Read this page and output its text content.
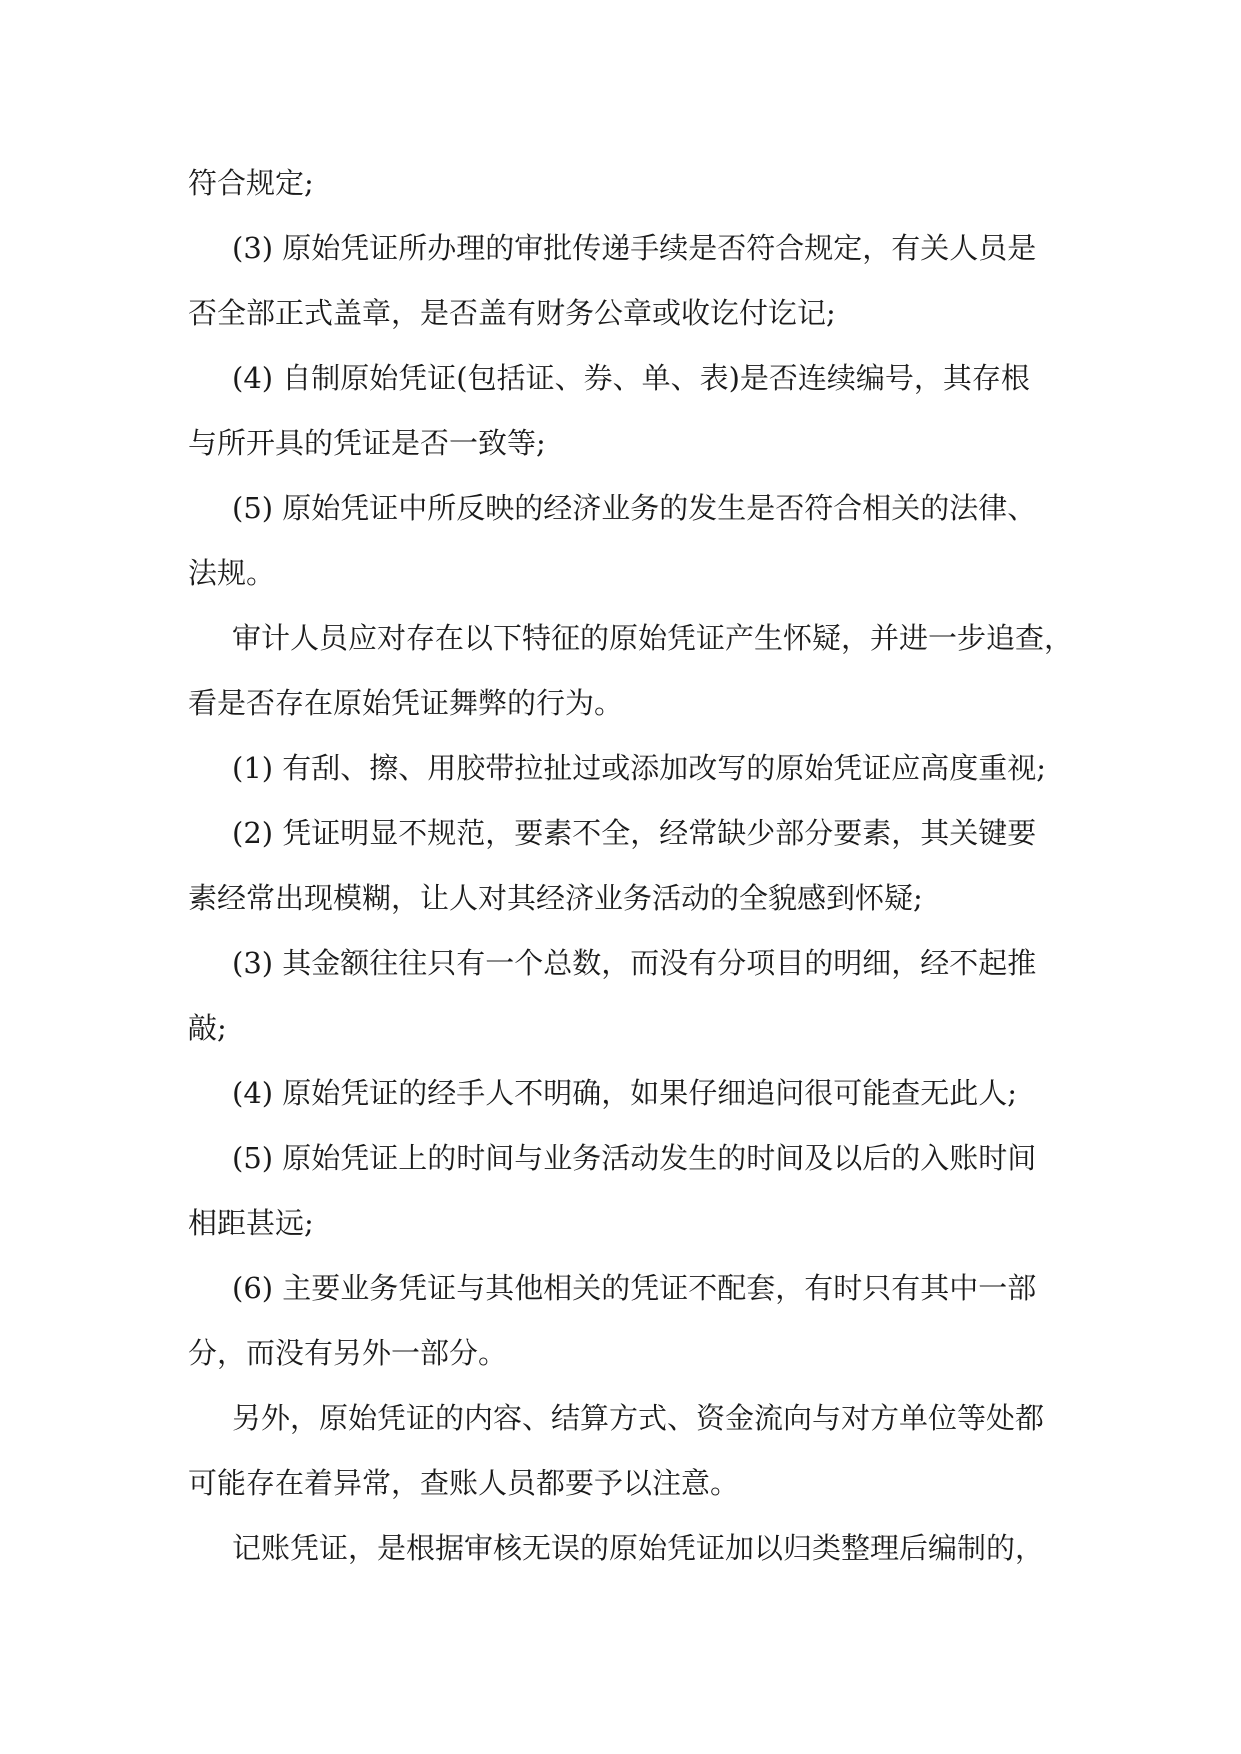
符合规定;
(3) 原始凭证所办理的审批传递手续是否符合规定，有关人员是
否全部正式盖章，是否盖有财务公章或收讫付讫记;
(4) 自制原始凭证(包括证、券、单、表)是否连续编号，其存根
与所开具的凭证是否一致等;
(5) 原始凭证中所反映的经济业务的发生是否符合相关的法律、
法规。
审计人员应对存在以下特征的原始凭证产生怀疑，并进一步追查，
看是否存在原始凭证舞弊的行为。
(1) 有刮、擦、用胶带拉扯过或添加改写的原始凭证应高度重视;
(2) 凭证明显不规范，要素不全，经常缺少部分要素，其关键要
素经常出现模糊，让人对其经济业务活动的全貌感到怀疑;
(3) 其金额往往只有一个总数，而没有分项目的明细，经不起推
敲;
(4) 原始凭证的经手人不明确，如果仔细追问很可能查无此人;
(5) 原始凭证上的时间与业务活动发生的时间及以后的入账时间
相距甚远;
(6) 主要业务凭证与其他相关的凭证不配套，有时只有其中一部
分，而没有另外一部分。
另外，原始凭证的内容、结算方式、资金流向与对方单位等处都
可能存在着异常，查账人员都要予以注意。
记账凭证，是根据审核无误的原始凭证加以归类整理后编制的，
